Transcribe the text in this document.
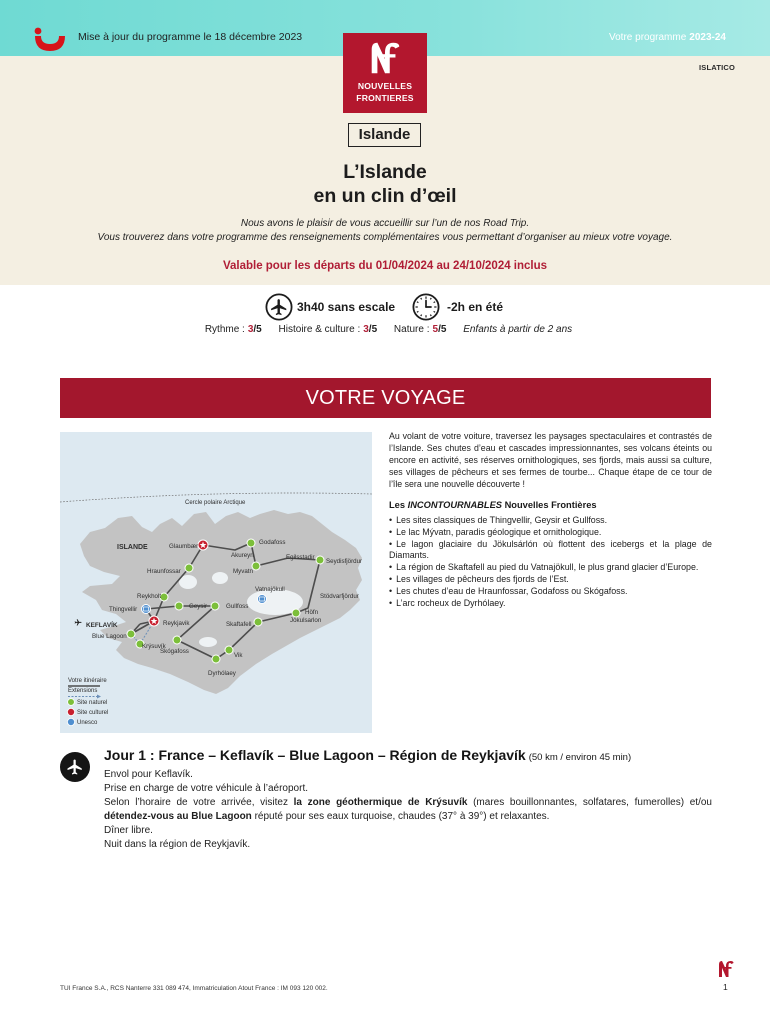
Mise à jour du programme le 18 décembre 2023	Votre programme 2023-24
ISLATICO
NOUVELLES
FRONTIERES
Islande
L’Islande
en un clin d’œil
Nous avons le plaisir de vous accueillir sur l’un de nos Road Trip.
Vous trouverez dans votre programme des renseignements complémentaires vous permettant d’organiser au mieux votre voyage.
Valable pour les départs du 01/04/2024 au 24/10/2024 inclus
3h40 sans escale	-2h en été
Rythme : 3/5 Histoire & culture : 3/5 Nature : 5/5 Enfants à partir de 2 ans
VOTRE VOYAGE
Cercle polaire Arctique
ISLANDE	Glaumbær
Godafoss
Akureyri	Egilsstadir
Seydisfjördur
Hraunfossar	Myvatn
Vatnajökull
Stödvarfjördur
Reykholt
Geysir	Gullfoss
Höfn
Thingvellir
Jökulsarlon
KEFLAVÍK	Reykjavik	Skaftafell
Blue Lagoon
Krýsuvík
Skógafoss
Vik
Dyrhólaey
Votre itinéraire
Extensions
Site naturel
Site culturel
Unesco

Au volant de votre voiture, traversez les paysages spectaculaires et contrastés de l’Islande. Ses chutes d’eau et cascades impressionnantes, ses volcans éteints ou encore en activité, ses réserves ornithologiques, ses fjords, mais aussi sa culture, ses villages de pêcheurs et ses fermes de tourbe... Chaque étape de ce tour de l’île sera une nouvelle découverte !

Les INCONTOURNABLES Nouvelles Frontières
• Les sites classiques de Thingvellir, Geysir et Gullfoss.
• Le lac Mývatn, paradis géologique et ornithologique.
• Le lagon glaciaire du Jökulsárlón où flottent des icebergs et la plage de Diamants.
• La région de Skaftafell au pied du Vatnajökull, le plus grand glacier d’Europe.
• Les villages de pêcheurs des fjords de l’Est.
• Les chutes d’eau de Hraunfossar, Godafoss ou Skógafoss.
• L’arc rocheux de Dyrhólaey.
Jour 1 : France – Keflavík – Blue Lagoon – Région de Reykjavík (50 km / environ 45 min)

Envol pour Keflavík.

Prise en charge de votre véhicule à l’aéroport.

Selon l’horaire de votre arrivée, visitez la zone géothermique de Krýsuvík (mares bouillonnantes, solfatares, fumerolles) et/ou détendez-vous au Blue Lagoon réputé pour ses eaux turquoise, chaudes (37° à 39°) et relaxantes.

Dîner libre.

Nuit dans la région de Reykjavík.

TUI France S.A., RCS Nanterre 331 089 474, Immatriculation Atout France : IM 093 120 002.	1
